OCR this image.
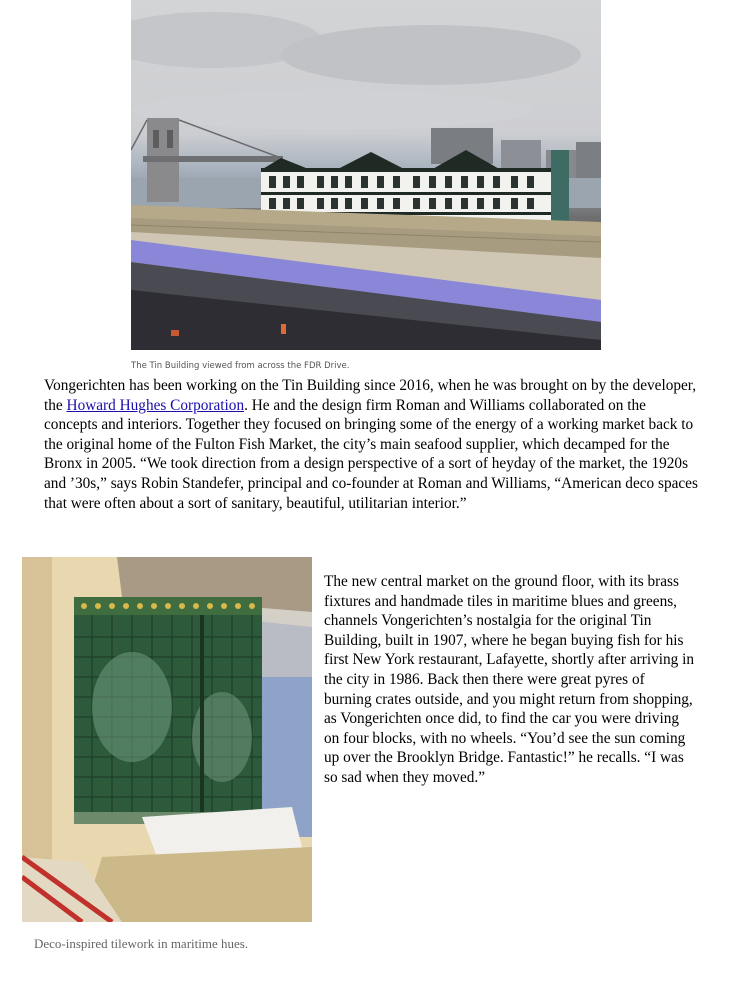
The Tin Building viewed from across the FDR Drive.

Vongerichten has been working on the Tin Building since 2016, when he was brought on by the developer, the Howard Hughes Corporation. He and the design firm Roman and Williams collaborated on the concepts and interiors. Together they focused on bringing some of the energy of a working market back to the original home of the Fulton Fish Market, the city’s main seafood supplier, which decamped for the Bronx in 2005. “We took direction from a design perspective of a sort of heyday of the market, the 1920s and ’30s,” says Robin Standefer, principal and co-founder at Roman and Williams, “American deco spaces that were often about a sort of sanitary, beautiful, utilitarian interior.”

The new central market on the ground floor, with its brass fixtures and handmade tiles in maritime blues and greens, channels Vongerichten’s nostalgia for the original Tin Building, built in 1907, where he began buying fish for his first New York restaurant, Lafayette, shortly after arriving in the city in 1986. Back then there were great pyres of burning crates outside, and you might return from shopping, as Vongerichten once did, to find the car you were driving on four blocks, with no wheels. “You’d see the sun coming up over the Brooklyn Bridge. Fantastic!” he recalls. “I was so sad when they moved.”

Deco-inspired tilework in maritime hues.
